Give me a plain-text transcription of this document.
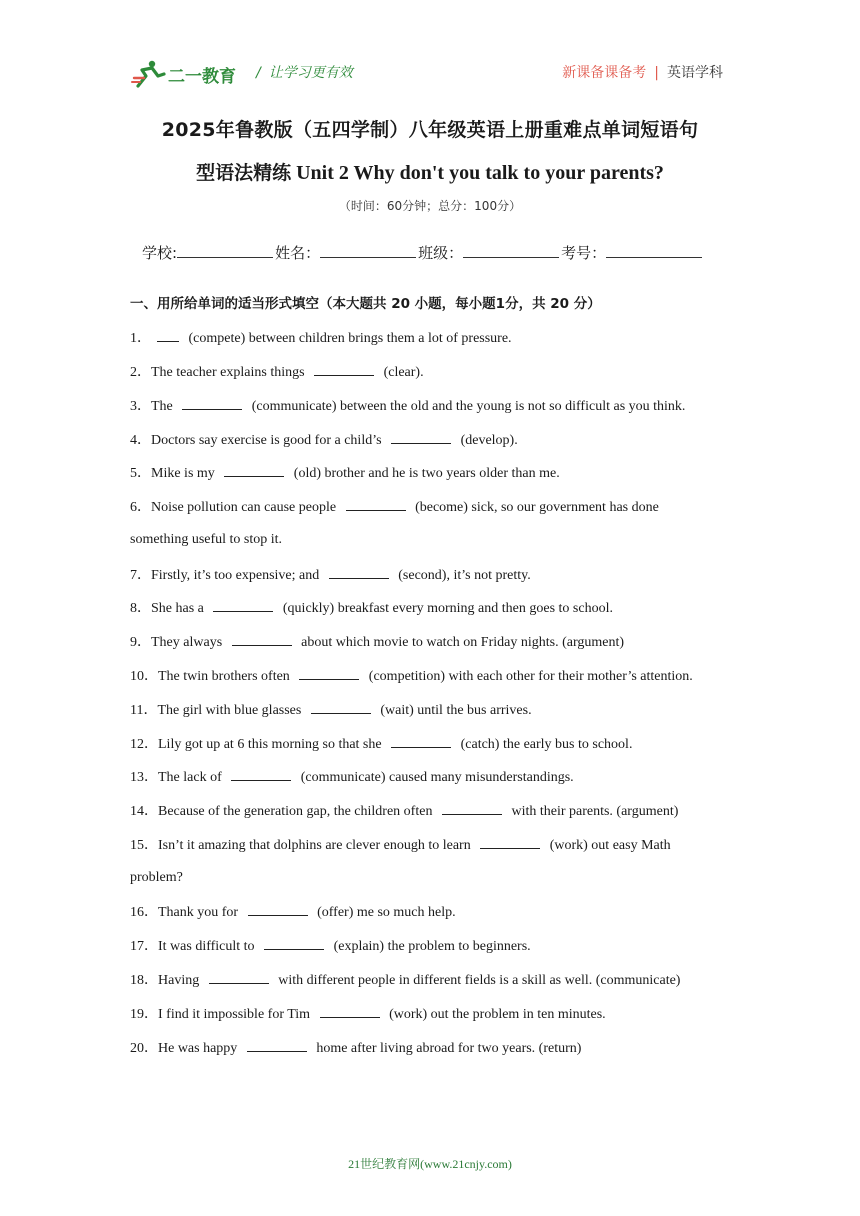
二一教育 / 让学习更有效	新课备课备考 | 英语学科
2025年鲁教版（五四学制）八年级英语上册重难点单词短语句
型语法精练 Unit 2 Why don't you talk to your parents?
（时间：60分钟；总分：100分）
学校:	姓名：	班级：	考号：
一、用所给单词的适当形式填空（本大题共 20 小题，每小题1分，共 20 分）
1． (compete) between children brings them a lot of pressure.
2．The teacher explains things	(clear).
3．The	(communicate) between the old and the young is not so difficult as you think.
4．Doctors say exercise is good for a child’s	(develop).
5．Mike is my	(old) brother and he is two years older than me.
6．Noise pollution can cause people	(become) sick, so our government has done
something useful to stop it.
7．Firstly, it’s too expensive; and	(second), it’s not pretty.
8．She has a	(quickly) breakfast every morning and then goes to school.
9．They always	about which movie to watch on Friday nights. (argument)
10．The twin brothers often	(competition) with each other for their mother’s attention.
11．The girl with blue glasses	(wait) until the bus arrives.
12．Lily got up at 6 this morning so that she	(catch) the early bus to school.
13．The lack of	(communicate) caused many misunderstandings.
14．Because of the generation gap, the children often	with their parents. (argument)
15．Isn’t it amazing that dolphins are clever enough to learn	(work) out easy Math
problem?
16．Thank you for	(offer) me so much help.
17．It was difficult to	(explain) the problem to beginners.
18．Having	with different people in different fields is a skill as well. (communicate)
19．I find it impossible for Tim	(work) out the problem in ten minutes.
20．He was happy	home after living abroad for two years. (return)
21世纪教育网(www.21cnjy.com)
